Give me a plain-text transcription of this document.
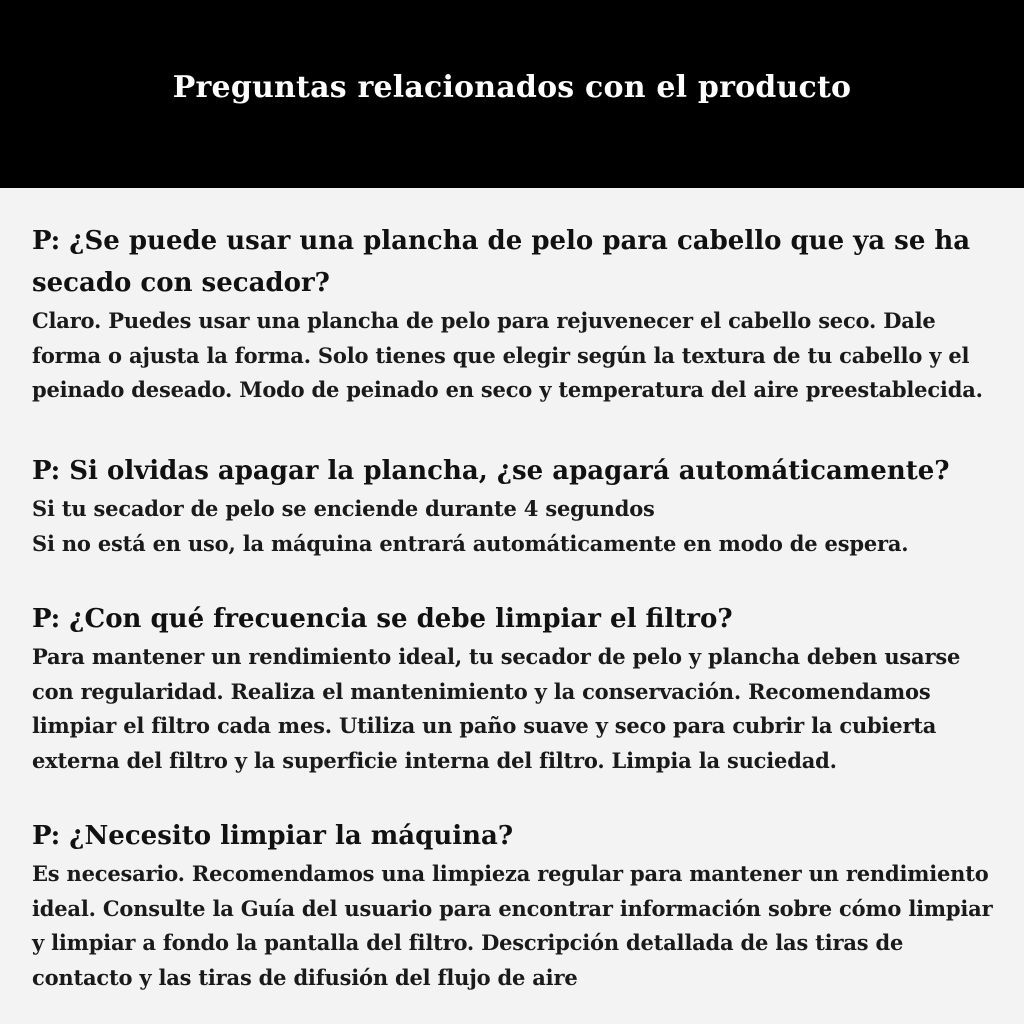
Preguntas relacionados con el producto

P: ¿Se puede usar una plancha de pelo para cabello que ya se ha secado con secador?

Claro. Puedes usar una plancha de pelo para rejuvenecer el cabello seco. Dale forma o ajusta la forma. Solo tienes que elegir según la textura de tu cabello y el peinado deseado. Modo de peinado en seco y temperatura del aire preestablecida.

P: Si olvidas apagar la plancha, ¿se apagará automáticamente?

Si tu secador de pelo se enciende durante 4 segundos
Si no está en uso, la máquina entrará automáticamente en modo de espera.

P: ¿Con qué frecuencia se debe limpiar el filtro?

Para mantener un rendimiento ideal, tu secador de pelo y plancha deben usarse con regularidad. Realiza el mantenimiento y la conservación. Recomendamos limpiar el filtro cada mes. Utiliza un paño suave y seco para cubrir la cubierta externa del filtro y la superficie interna del filtro. Limpia la suciedad.

P: ¿Necesito limpiar la máquina?

Es necesario. Recomendamos una limpieza regular para mantener un rendimiento ideal. Consulte la Guía del usuario para encontrar información sobre cómo limpiar y limpiar a fondo la pantalla del filtro. Descripción detallada de las tiras de contacto y las tiras de difusión del flujo de aire
